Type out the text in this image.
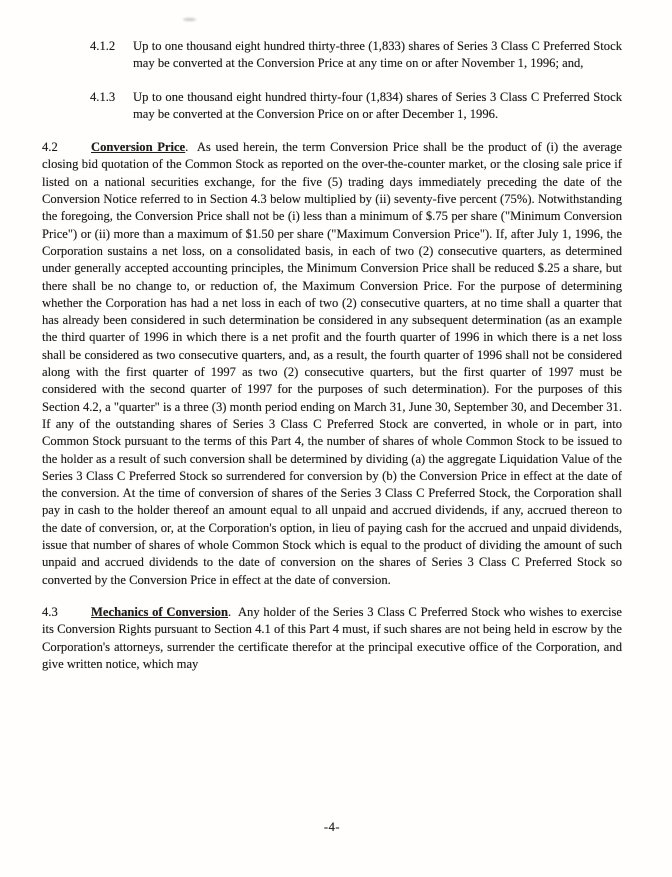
4.1.2	Up to one thousand eight hundred thirty-three (1,833) shares of Series 3 Class C Preferred Stock may be converted at the Conversion Price at any time on or after November 1, 1996; and,
4.1.3	Up to one thousand eight hundred thirty-four (1,834) shares of Series 3 Class C Preferred Stock may be converted at the Conversion Price on or after December 1, 1996.

4.2	Conversion Price.  As used herein, the term Conversion Price shall be the product of (i) the average closing bid quotation of the Common Stock as reported on the over-the-counter market, or the closing sale price if listed on a national securities exchange, for the five (5) trading days immediately preceding the date of the Conversion Notice referred to in Section 4.3 below multiplied by (ii) seventy-five percent (75%). Notwithstanding the foregoing, the Conversion Price shall not be (i) less than a minimum of $.75 per share ("Minimum Conversion Price") or (ii) more than a maximum of $1.50 per share ("Maximum Conversion Price"). If, after July 1, 1996, the Corporation sustains a net loss, on a consolidated basis, in each of two (2) consecutive quarters, as determined under generally accepted accounting principles, the Minimum Conversion Price shall be reduced $.25 a share, but there shall be no change to, or reduction of, the Maximum Conversion Price. For the purpose of determining whether the Corporation has had a net loss in each of two (2) consecutive quarters, at no time shall a quarter that has already been considered in such determination be considered in any subsequent determination (as an example the third quarter of 1996 in which there is a net profit and the fourth quarter of 1996 in which there is a net loss shall be considered as two consecutive quarters, and, as a result, the fourth quarter of 1996 shall not be considered along with the first quarter of 1997 as two (2) consecutive quarters, but the first quarter of 1997 must be considered with the second quarter of 1997 for the purposes of such determination). For the purposes of this Section 4.2, a "quarter" is a three (3) month period ending on March 31, June 30, September 30, and December 31. If any of the outstanding shares of Series 3 Class C Preferred Stock are converted, in whole or in part, into Common Stock pursuant to the terms of this Part 4, the number of shares of whole Common Stock to be issued to the holder as a result of such conversion shall be determined by dividing (a) the aggregate Liquidation Value of the Series 3 Class C Preferred Stock so surrendered for conversion by (b) the Conversion Price in effect at the date of the conversion. At the time of conversion of shares of the Series 3 Class C Preferred Stock, the Corporation shall pay in cash to the holder thereof an amount equal to all unpaid and accrued dividends, if any, accrued thereon to the date of conversion, or, at the Corporation's option, in lieu of paying cash for the accrued and unpaid dividends, issue that number of shares of whole Common Stock which is equal to the product of dividing the amount of such unpaid and accrued dividends to the date of conversion on the shares of Series 3 Class C Preferred Stock so converted by the Conversion Price in effect at the date of conversion.

4.3	Mechanics of Conversion.  Any holder of the Series 3 Class C Preferred Stock who wishes to exercise its Conversion Rights pursuant to Section 4.1 of this Part 4 must, if such shares are not being held in escrow by the Corporation's attorneys, surrender the certificate therefor at the principal executive office of the Corporation, and give written notice, which may

-4-
